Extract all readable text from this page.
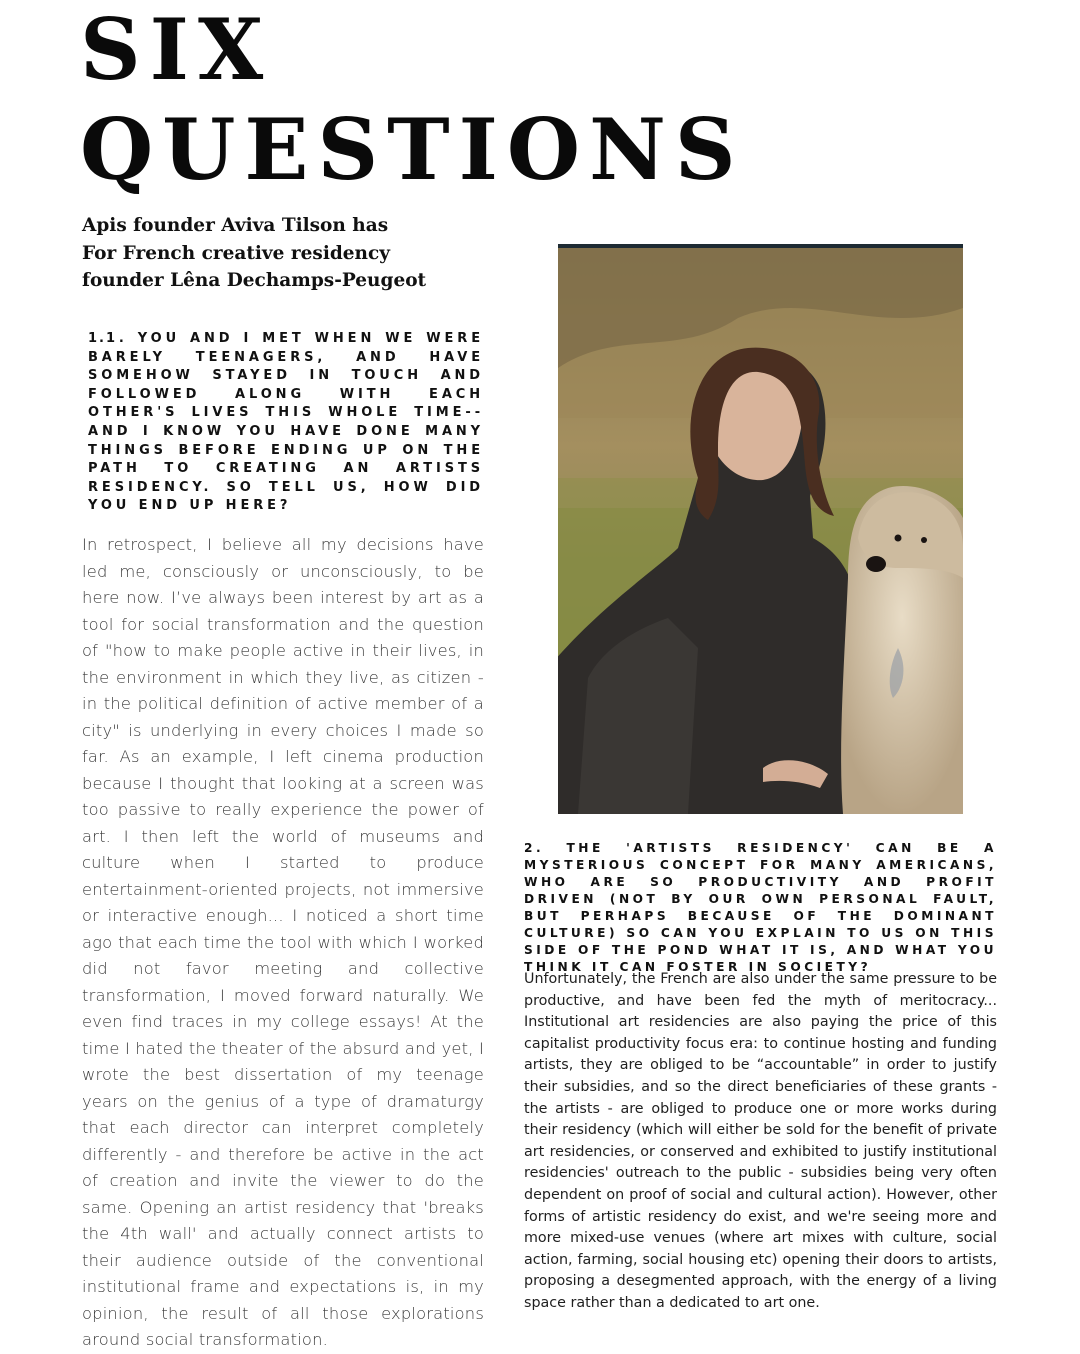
SIX
QUESTIONS
Apis founder Aviva Tilson has
For French creative residency
founder Lêna Dechamps-Peugeot

1.1. YOU AND I MET WHEN WE WERE BARELY TEENAGERS, AND HAVE SOMEHOW STAYED IN TOUCH AND FOLLOWED ALONG WITH EACH OTHER'S LIVES THIS WHOLE TIME--AND I KNOW YOU HAVE DONE MANY THINGS BEFORE ENDING UP ON THE PATH TO CREATING AN ARTISTS RESIDENCY. SO TELL US, HOW DID YOU END UP HERE?

In retrospect, I believe all my decisions have led me, consciously or unconsciously, to be here now. I’ve always been interest by art as a tool for social transformation and the question of "how to make people active in their lives, in the environment in which they live, as citizen - in the political definition of active member of a city" is underlying in every choices I made so far. As an example, I left cinema production because I thought that looking at a screen was too passive to really experience the power of art. I then left the world of museums and culture when I started to produce entertainment-oriented projects, not immersive or interactive enough... I noticed a short time ago that each time the tool with which I worked did not favor meeting and collective transformation, I moved forward naturally. We even find traces in my college essays! At the time I hated the theater of the absurd and yet, I wrote the best dissertation of my teenage years on the genius of a type of dramaturgy that each director can interpret completely differently - and therefore be active in the act of creation and invite the viewer to do the same. Opening an artist residency that 'breaks the 4th wall' and actually connect artists to their audience outside of the conventional institutional frame and expectations is, in my opinion, the result of all those explorations around social transformation.

2. THE 'ARTISTS RESIDENCY' CAN BE A MYSTERIOUS CONCEPT FOR MANY AMERICANS, WHO ARE SO PRODUCTIVITY AND PROFIT DRIVEN (NOT BY OUR OWN PERSONAL FAULT, BUT PERHAPS BECAUSE OF THE DOMINANT CULTURE) SO CAN YOU EXPLAIN TO US ON THIS SIDE OF THE POND WHAT IT IS, AND WHAT YOU THINK IT CAN FOSTER IN SOCIETY?

Unfortunately, the French are also under the same pressure to be productive, and have been fed the myth of meritocracy... Institutional art residencies are also paying the price of this capitalist productivity focus era: to continue hosting and funding artists, they are obliged to be “accountable” in order to justify their subsidies, and so the direct beneficiaries of these grants - the artists - are obliged to produce one or more works during their residency (which will either be sold for the benefit of private art residencies, or conserved and exhibited to justify institutional residencies' outreach to the public - subsidies being very often dependent on proof of social and cultural action). However, other forms of artistic residency do exist, and we're seeing more and more mixed-use venues (where art mixes with culture, social action, farming, social housing etc) opening their doors to artists, proposing a desegmented approach, with the energy of a living space rather than a dedicated to art one.
